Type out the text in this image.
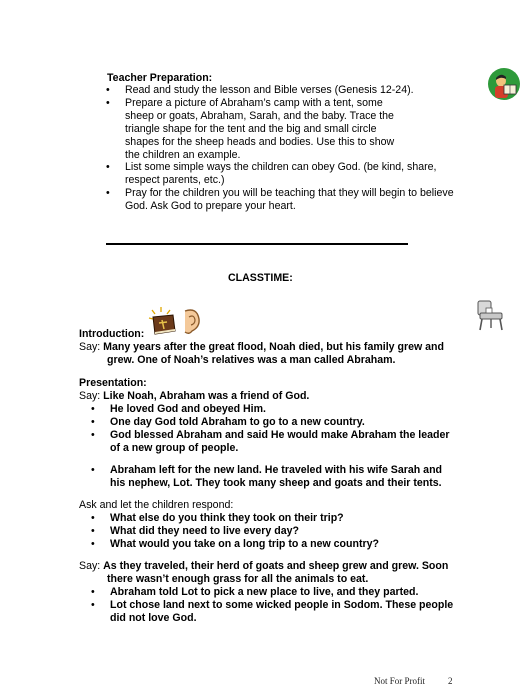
Teacher Preparation:
• Read and study the lesson and Bible verses (Genesis 12-24).
• Prepare a picture of Abraham’s camp with a tent, some
sheep or goats, Abraham, Sarah, and the baby. Trace the
triangle shape for the tent and the big and small circle
shapes for the sheep heads and bodies. Use this to show
the children an example.
• List some simple ways the children can obey God. (be kind, share,
respect parents, etc.)
• Pray for the children you will be teaching that they will begin to believe
God. Ask God to prepare your heart.
CLASSTIME:
Introduction:
Say: Many years after the great flood, Noah died, but his family grew and
grew. One of Noah’s relatives was a man called Abraham.
Presentation:
Say: Like Noah, Abraham was a friend of God.
• He loved God and obeyed Him.
• One day God told Abraham to go to a new country.
• God blessed Abraham and said He would make Abraham the leader
of a new group of people.
• Abraham left for the new land. He traveled with his wife Sarah and
his nephew, Lot. They took many sheep and goats and their tents.
Ask and let the children respond:
• What else do you think they took on their trip?
• What did they need to live every day?
• What would you take on a long trip to a new country?
Say: As they traveled, their herd of goats and sheep grew and grew. Soon
there wasn’t enough grass for all the animals to eat.
• Abraham told Lot to pick a new place to live, and they parted.
• Lot chose land next to some wicked people in Sodom. These people
did not love God.
Not For Profit	2
